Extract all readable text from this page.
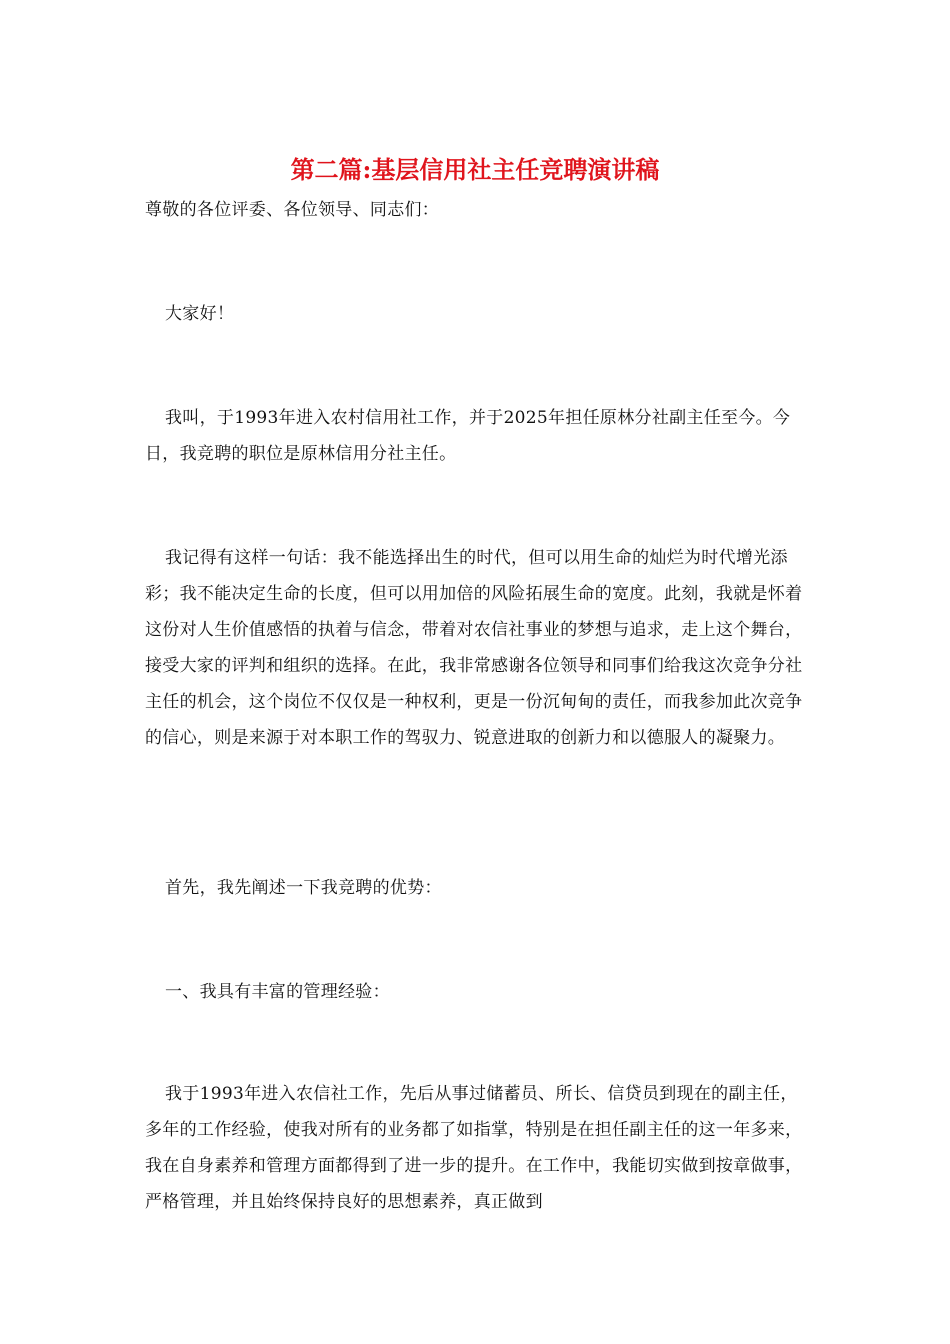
第二篇:基层信用社主任竞聘演讲稿

尊敬的各位评委、各位领导、同志们：

大家好！

我叫，于1993年进入农村信用社工作，并于2025年担任原林分社副主任至今。今日，我竞聘的职位是原林信用分社主任。

我记得有这样一句话：我不能选择出生的时代，但可以用生命的灿烂为时代增光添彩；我不能决定生命的长度，但可以用加倍的风险拓展生命的宽度。此刻，我就是怀着这份对人生价值感悟的执着与信念，带着对农信社事业的梦想与追求，走上这个舞台，接受大家的评判和组织的选择。在此，我非常感谢各位领导和同事们给我这次竞争分社主任的机会，这个岗位不仅仅是一种权利，更是一份沉甸甸的责任，而我参加此次竞争的信心，则是来源于对本职工作的驾驭力、锐意进取的创新力和以德服人的凝聚力。

首先，我先阐述一下我竞聘的优势：

一、我具有丰富的管理经验：

我于1993年进入农信社工作，先后从事过储蓄员、所长、信贷员到现在的副主任，多年的工作经验，使我对所有的业务都了如指掌，特别是在担任副主任的这一年多来，我在自身素养和管理方面都得到了进一步的提升。在工作中，我能切实做到按章做事，严格管理，并且始终保持良好的思想素养，真正做到
